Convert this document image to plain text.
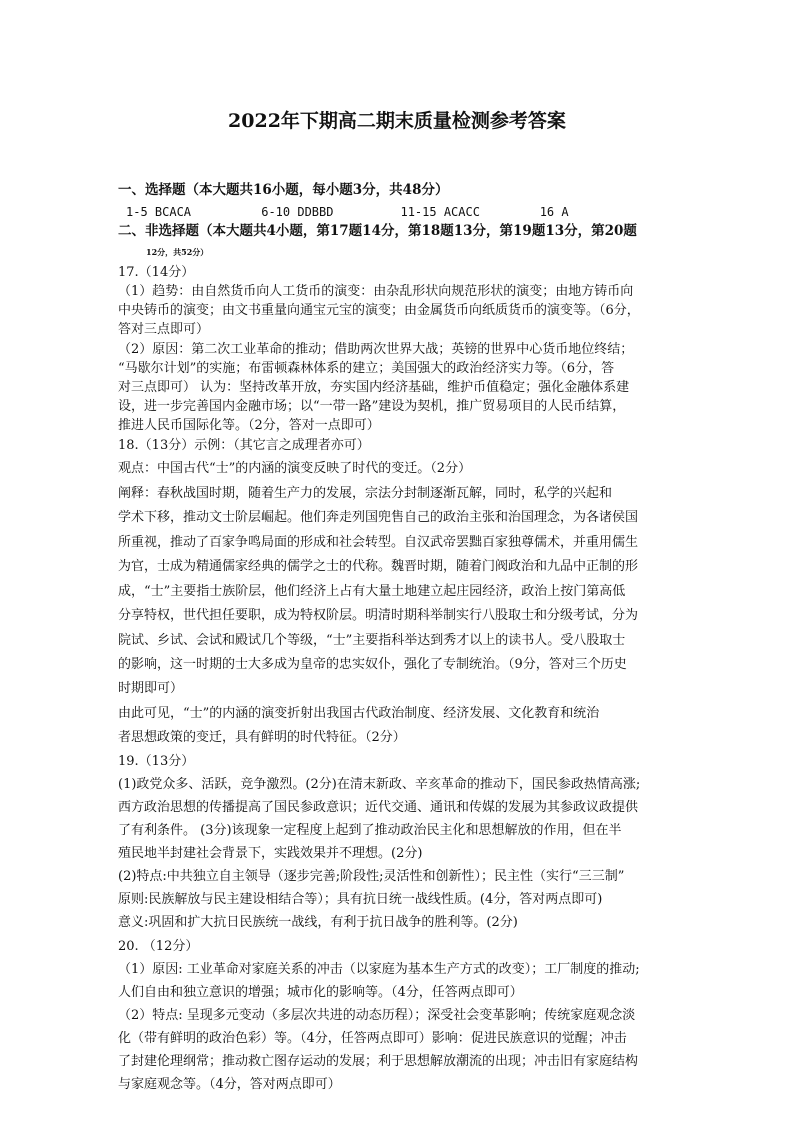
2022年下期高二期末质量检测参考答案
一、选择题（本大题共16小题，每小题3分，共48分）
1-5 BCACA	6-10 DDBBD	11-15 ACACC	16 A
二、非选择题（本大题共4小题，第17题14分，第18题13分，第19题13分，第20题
12分，共52分）
17.（14分）
（1）趋势：由自然货币向人工货币的演变：由杂乱形状向规范形状的演变；由地方铸币向
中央铸币的演变；由文书重量向通宝元宝的演变；由金属货币向纸质货币的演变等。（6分，
答对三点即可）
（2）原因：第二次工业革命的推动；借助两次世界大战；英镑的世界中心货币地位终结；
“马歇尔计划”的实施；布雷顿森林体系的建立；美国强大的政治经济实力等。（6分，答
对三点即可） 认为：坚持改革开放，夯实国内经济基础，维护币值稳定；强化金融体系建
设，进一步完善国内金融市场；以“一带一路”建设为契机，推广贸易项目的人民币结算，
推进人民币国际化等。（2分，答对一点即可）
18.（13分）示例：（其它言之成理者亦可）
观点：中国古代“士”的内涵的演变反映了时代的变迁。（2分）
阐释：春秋战国时期，随着生产力的发展，宗法分封制逐渐瓦解，同时，私学的兴起和
学术下移，推动文士阶层崛起。他们奔走列国兜售自己的政治主张和治国理念，为各诸侯国
所重视，推动了百家争鸣局面的形成和社会转型。自汉武帝罢黜百家独尊儒术，并重用儒生
为官，士成为精通儒家经典的儒学之士的代称。魏晋时期，随着门阀政治和九品中正制的形
成，“士”主要指士族阶层，他们经济上占有大量土地建立起庄园经济，政治上按门第高低
分享特权，世代担任要职，成为特权阶层。明清时期科举制实行八股取士和分级考试，分为
院试、乡试、会试和殿试几个等级，“士”主要指科举达到秀才以上的读书人。受八股取士
的影响，这一时期的士大多成为皇帝的忠实奴仆，强化了专制统治。（9分，答对三个历史
时期即可）
由此可见，“士”的内涵的演变折射出我国古代政治制度、经济发展、文化教育和统治
者思想政策的变迁，具有鲜明的时代特征。（2分）
19.（13分）
(1)政党众多、活跃，竞争激烈。(2分)在清末新政、辛亥革命的推动下，国民参政热情高涨;
西方政治思想的传播提高了国民参政意识；近代交通、通讯和传媒的发展为其参政议政提供
了有利条件。 (3分)该现象一定程度上起到了推动政治民主化和思想解放的作用，但在半
殖民地半封建社会背景下，实践效果并不理想。(2分)
(2)特点:中共独立自主领导（逐步完善;阶段性;灵活性和创新性）；民主性（实行“三三制”
原则:民族解放与民主建设相结合等）；具有抗日统一战线性质。(4分，答对两点即可)
意义:巩固和扩大抗日民族统一战线，有利于抗日战争的胜利等。(2分)
20. （12分）
（1）原因: 工业革命对家庭关系的冲击（以家庭为基本生产方式的改变）；工厂制度的推动;
人们自由和独立意识的增强；城市化的影响等。（4分，任答两点即可）
（2）特点: 呈现多元变动（多层次共进的动态历程）；深受社会变革影响；传统家庭观念淡
化（带有鲜明的政治色彩）等。（4分，任答两点即可）影响：促进民族意识的觉醒；冲击
了封建伦理纲常；推动救亡图存运动的发展；利于思想解放潮流的出现；冲击旧有家庭结构
与家庭观念等。（4分，答对两点即可）
